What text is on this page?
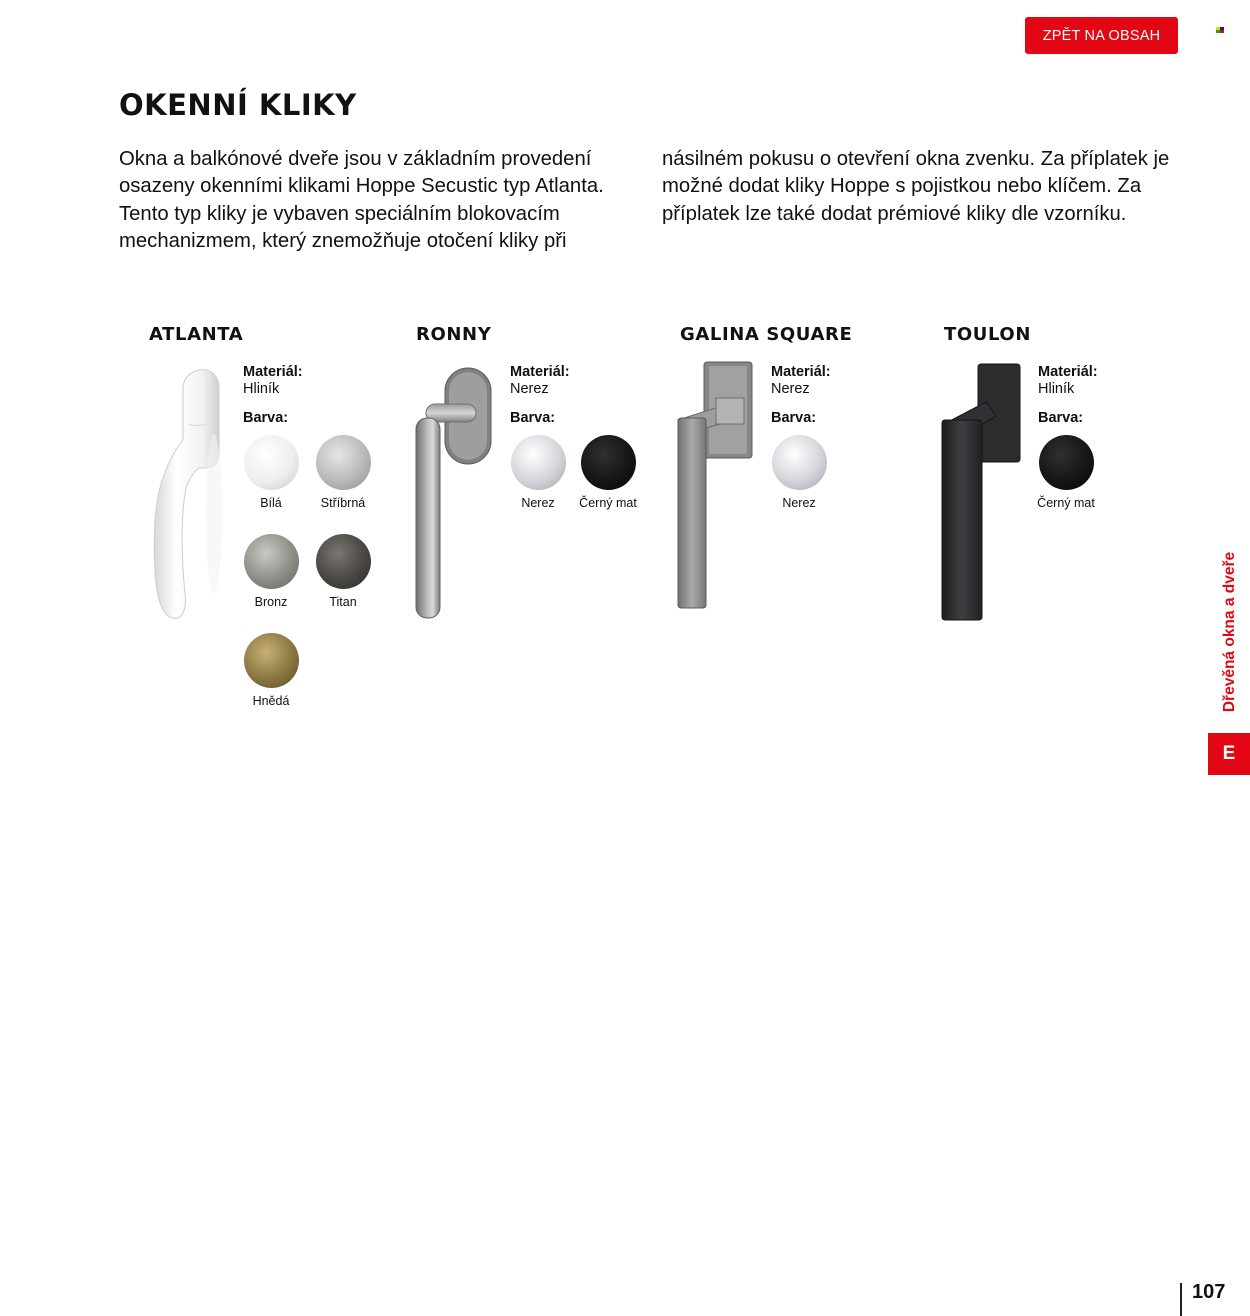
ZPĚT NA OBSAH
OKENNÍ KLIKY

Okna a balkónové dveře jsou v základním provedení osazeny okenními klikami Hoppe Secustic typ Atlanta. Tento typ kliky je vybaven speciálním blokovacím mechanizmem, který znemožňuje otočení kliky při

násilném pokusu o otevření okna zvenku. Za příplatek je možné dodat kliky Hoppe s pojistkou nebo klíčem. Za příplatek lze také dodat prémiové kliky dle vzorníku.

ATLANTA
Materiál:
Hliník
Barva:
Bílá	Stříbrná
Bronz	Titan
Hnědá
RONNY
Materiál:
Nerez
Barva:
Nerez	Černý mat
GALINA SQUARE
Materiál:
Nerez
Barva:
Nerez
TOULON
Materiál:
Hliník
Barva:
Černý mat
Dřevěná okna a dveře
E
107
